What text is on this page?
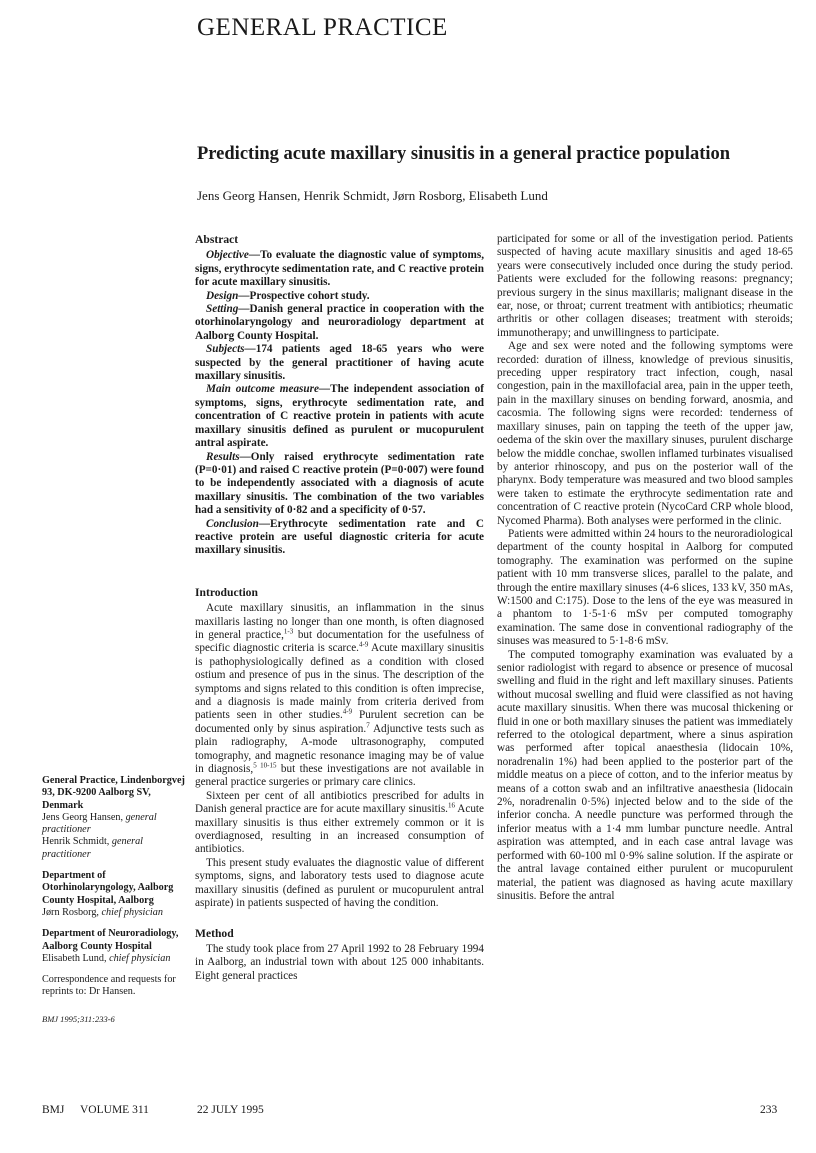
GENERAL PRACTICE
Predicting acute maxillary sinusitis in a general practice population

Jens Georg Hansen, Henrik Schmidt, Jørn Rosborg, Elisabeth Lund

Abstract

Objective—To evaluate the diagnostic value of symptoms, signs, erythrocyte sedimentation rate, and C reactive protein for acute maxillary sinusitis.

Design—Prospective cohort study.

Setting—Danish general practice in cooperation with the otorhinolaryngology and neuroradiology department at Aalborg County Hospital.

Subjects—174 patients aged 18-65 years who were suspected by the general practitioner of having acute maxillary sinusitis.

Main outcome measure—The independent association of symptoms, signs, erythrocyte sedimentation rate, and concentration of C reactive protein in patients with acute maxillary sinusitis defined as purulent or mucopurulent antral aspirate.

Results—Only raised erythrocyte sedimentation rate (P=0·01) and raised C reactive protein (P=0·007) were found to be independently associated with a diagnosis of acute maxillary sinusitis. The combination of the two variables had a sensitivity of 0·82 and a specificity of 0·57.

Conclusion—Erythrocyte sedimentation rate and C reactive protein are useful diagnostic criteria for acute maxillary sinusitis.

Introduction

Acute maxillary sinusitis, an inflammation in the sinus maxillaris lasting no longer than one month, is often diagnosed in general practice,$^{1-3}$ but documentation for the usefulness of specific diagnostic criteria is scarce.$^{4-9}$ Acute maxillary sinusitis is pathophysiologically defined as a condition with closed ostium and presence of pus in the sinus. The description of the symptoms and signs related to this condition is often imprecise, and a diagnosis is made mainly from criteria derived from patients seen in other studies.$^{4-9}$ Purulent secretion can be documented only by sinus aspiration.$^7$ Adjunctive tests such as plain radiography, A-mode ultrasonography, computed tomography, and magnetic resonance imaging may be of value in diagnosis,$^{5 10-15}$ but these investigations are not available in general practice surgeries or primary care clinics.

Sixteen per cent of all antibiotics prescribed for adults in Danish general practice are for acute maxillary sinusitis.$^{16}$ Acute maxillary sinusitis is thus either extremely common or it is overdiagnosed, resulting in an increased consumption of antibiotics.

This present study evaluates the diagnostic value of different symptoms, signs, and laboratory tests used to diagnose acute maxillary sinusitis (defined as purulent or mucopurulent antral aspirate) in patients suspected of having the condition.

Method

The study took place from 27 April 1992 to 28 February 1994 in Aalborg, an industrial town with about 125 000 inhabitants. Eight general practices

participated for some or all of the investigation period. Patients suspected of having acute maxillary sinusitis and aged 18-65 years were consecutively included once during the study period. Patients were excluded for the following reasons: pregnancy; previous surgery in the sinus maxillaris; malignant disease in the ear, nose, or throat; current treatment with antibiotics; rheumatic arthritis or other collagen diseases; treatment with steroids; immunotherapy; and unwillingness to participate.

Age and sex were noted and the following symptoms were recorded: duration of illness, knowledge of previous sinusitis, preceding upper respiratory tract infection, cough, nasal congestion, pain in the maxillofacial area, pain in the upper teeth, pain in the maxillary sinuses on bending forward, anosmia, and cacosmia. The following signs were recorded: tenderness of maxillary sinuses, pain on tapping the teeth of the upper jaw, oedema of the skin over the maxillary sinuses, purulent discharge below the middle conchae, swollen inflamed turbinates visualised by anterior rhinoscopy, and pus on the posterior wall of the pharynx. Body temperature was measured and two blood samples were taken to estimate the erythrocyte sedimentation rate and concentration of C reactive protein (NycoCard CRP whole blood, Nycomed Pharma). Both analyses were performed in the clinic.

Patients were admitted within 24 hours to the neuroradiological department of the county hospital in Aalborg for computed tomography. The examination was performed on the supine patient with 10 mm transverse slices, parallel to the palate, and through the entire maxillary sinuses (4-6 slices, 133 kV, 350 mAs, W:1500 and C:175). Dose to the lens of the eye was measured in a phantom to 1·5-1·6 mSv per computed tomography examination. The same dose in conventional radiography of the sinuses was measured to 5·1-8·6 mSv.

The computed tomography examination was evaluated by a senior radiologist with regard to absence or presence of mucosal swelling and fluid in the right and left maxillary sinuses. Patients without mucosal swelling and fluid were classified as not having acute maxillary sinusitis. When there was mucosal thickening or fluid in one or both maxillary sinuses the patient was immediately referred to the otological department, where a sinus aspiration was performed after topical anaesthesia (lidocain 10%, noradrenalin 1%) had been applied to the posterior part of the middle meatus on a piece of cotton, and to the inferior meatus by means of a cotton swab and an infiltrative anaesthesia (lidocain 2%, noradrenalin 0·5%) injected below and to the side of the inferior concha. A needle puncture was performed through the inferior meatus with a 1·4 mm lumbar puncture needle. Antral aspiration was attempted, and in each case antral lavage was performed with 60-100 ml 0·9% saline solution. If the aspirate or the antral lavage contained either purulent or mucopurulent material, the patient was diagnosed as having acute maxillary sinusitis. Before the antral

General Practice, Lindenborgvej 93, DK-9200 Aalborg SV, Denmark

Jens Georg Hansen, general practitioner

Henrik Schmidt, general practitioner

Department of Otorhinolaryngology, Aalborg County Hospital, Aalborg

Jørn Rosborg, chief physician

Department of Neuroradiology, Aalborg County Hospital

Elisabeth Lund, chief physician

Correspondence and requests for reprints to: Dr Hansen.

BMJ 1995;311:233-6

BMJ VOLUME 311	22 JULY 1995	233
